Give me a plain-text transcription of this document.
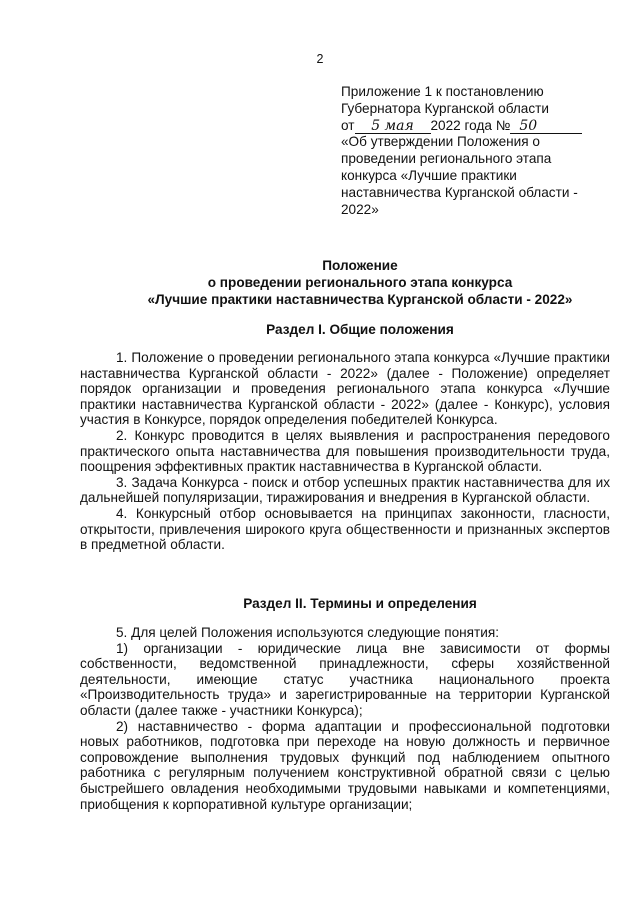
2
Приложение 1 к постановлению
Губернатора Курганской области
от 5 мая 2022 года № 50
«Об утверждении Положения о
проведении регионального этапа
конкурса «Лучшие практики
наставничества Курганской области -
2022»
Положение
о проведении регионального этапа конкурса
«Лучшие практики наставничества Курганской области - 2022»
Раздел I. Общие положения

1. Положение о проведении регионального этапа конкурса «Лучшие практики наставничества Курганской области - 2022» (далее - Положение) определяет порядок организации и проведения регионального этапа конкурса «Лучшие практики наставничества Курганской области - 2022» (далее - Конкурс), условия участия в Конкурсе, порядок определения победителей Конкурса.

2. Конкурс проводится в целях выявления и распространения передового практического опыта наставничества для повышения производительности труда, поощрения эффективных практик наставничества в Курганской области.

3. Задача Конкурса - поиск и отбор успешных практик наставничества для их дальнейшей популяризации, тиражирования и внедрения в Курганской области.

4. Конкурсный отбор основывается на принципах законности, гласности, открытости, привлечения широкого круга общественности и признанных экспертов в предметной области.

Раздел II. Термины и определения

5. Для целей Положения используются следующие понятия:

1) организации - юридические лица вне зависимости от формы собственности, ведомственной принадлежности, сферы хозяйственной деятельности, имеющие статус участника национального проекта «Производительность труда» и зарегистрированные на территории Курганской области (далее также - участники Конкурса);

2) наставничество - форма адаптации и профессиональной подготовки новых работников, подготовка при переходе на новую должность и первичное сопровождение выполнения трудовых функций под наблюдением опытного работника с регулярным получением конструктивной обратной связи с целью быстрейшего овладения необходимыми трудовыми навыками и компетенциями, приобщения к корпоративной культуре организации;
